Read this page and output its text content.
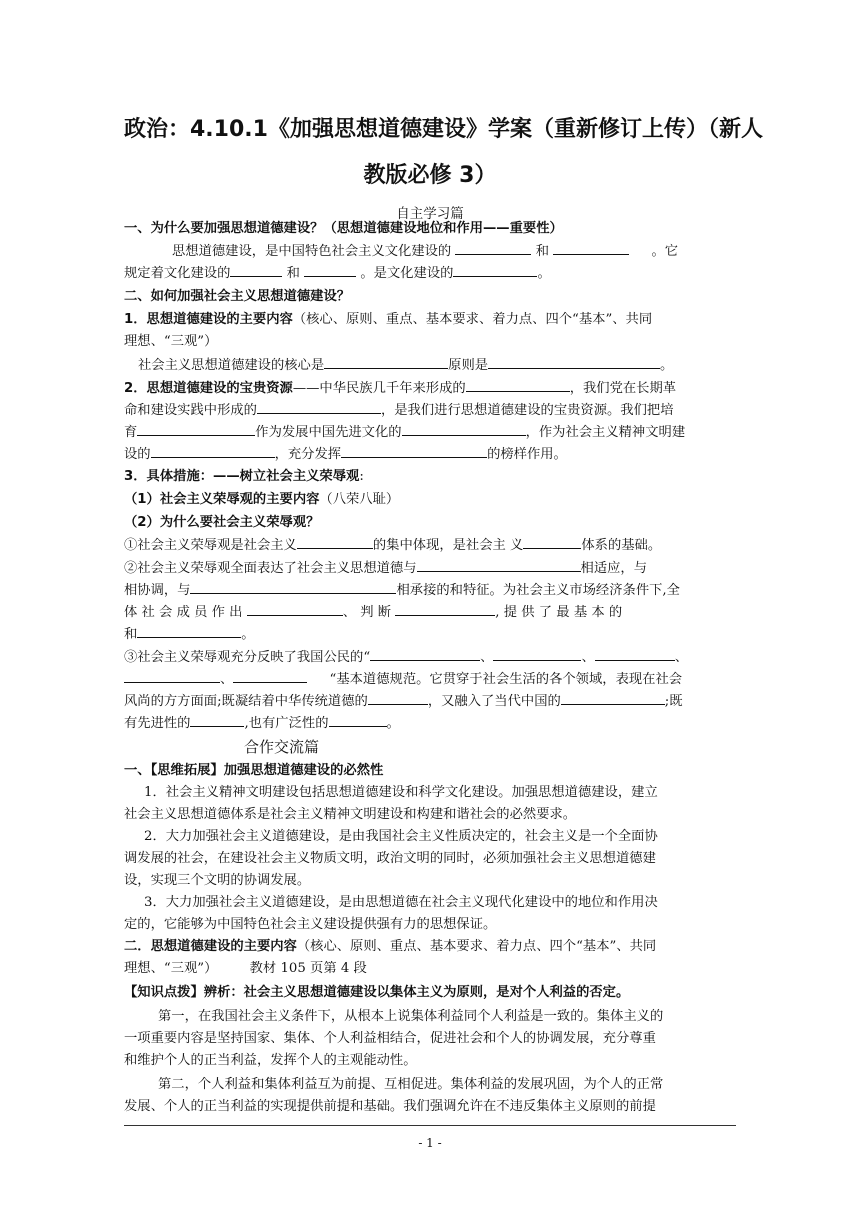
政治：4.10.1《加强思想道德建设》学案（重新修订上传）（新人
教版必修 3）
自主学习篇
一、为什么要加强思想道德建设？（思想道德建设地位和作用——重要性）
思想道德建设，是中国特色社会主义文化建设的	和	。它
规定着文化建设的	和	。是文化建设的	。
二、如何加强社会主义思想道德建设？
1．思想道德建设的主要内容（核心、原则、重点、基本要求、着力点、四个“基本”、共同
理想、“三观”）
社会主义思想道德建设的核心是	原则是	。
2．思想道德建设的宝贵资源——中华民族几千年来形成的	，我们党在长期革
命和建设实践中形成的	，是我们进行思想道德建设的宝贵资源。我们把培
育	作为发展中国先进文化的	，作为社会主义精神文明建
设的	，充分发挥	的榜样作用。
3．具体措施：——树立社会主义荣辱观:
（1）社会主义荣辱观的主要内容（八荣八耻）
（2）为什么要社会主义荣辱观？
①社会主义荣辱观是社会主义	的集中体现，是社会主 义	体系的基础。
②社会主义荣辱观全面表达了社会主义思想道德与	相适应，与
相协调，与	相承接的和特征。为社会主义市场经济条件下,全
体 社 会 成 员 作 出	、 判 断	, 提 供 了 最 基 本 的
和	。
③社会主义荣辱观充分反映了我国公民的“	、	、	、
、	“基本道德规范。它贯穿于社会生活的各个领域，表现在社会
风尚的方方面面;既凝结着中华传统道德的	，又融入了当代中国的	;既
有先进性的	,也有广泛性的	。
合作交流篇
一、【思维拓展】加强思想道德建设的必然性
1．社会主义精神文明建设包括思想道德建设和科学文化建设。加强思想道德建设，建立
社会主义思想道德体系是社会主义精神文明建设和构建和谐社会的必然要求。
2．大力加强社会主义道德建设，是由我国社会主义性质决定的，社会主义是一个全面协
调发展的社会，在建设社会主义物质文明，政治文明的同时，必须加强社会主义思想道德建
设，实现三个文明的协调发展。
3．大力加强社会主义道德建设，是由思想道德在社会主义现代化建设中的地位和作用决
定的，它能够为中国特色社会主义建设提供强有力的思想保证。
二．思想道德建设的主要内容（核心、原则、重点、基本要求、着力点、四个“基本”、共同
理想、“三观”） 教材 105 页第 4 段
【知识点拨】辨析：社会主义思想道德建设以集体主义为原则，是对个人利益的否定。
第一，在我国社会主义条件下，从根本上说集体利益同个人利益是一致的。集体主义的
一项重要内容是坚持国家、集体、个人利益相结合，促进社会和个人的协调发展，充分尊重
和维护个人的正当利益，发挥个人的主观能动性。
第二，个人利益和集体利益互为前提、互相促进。集体利益的发展巩固，为个人的正常
发展、个人的正当利益的实现提供前提和基础。我们强调允许在不违反集体主义原则的前提
- 1 -
